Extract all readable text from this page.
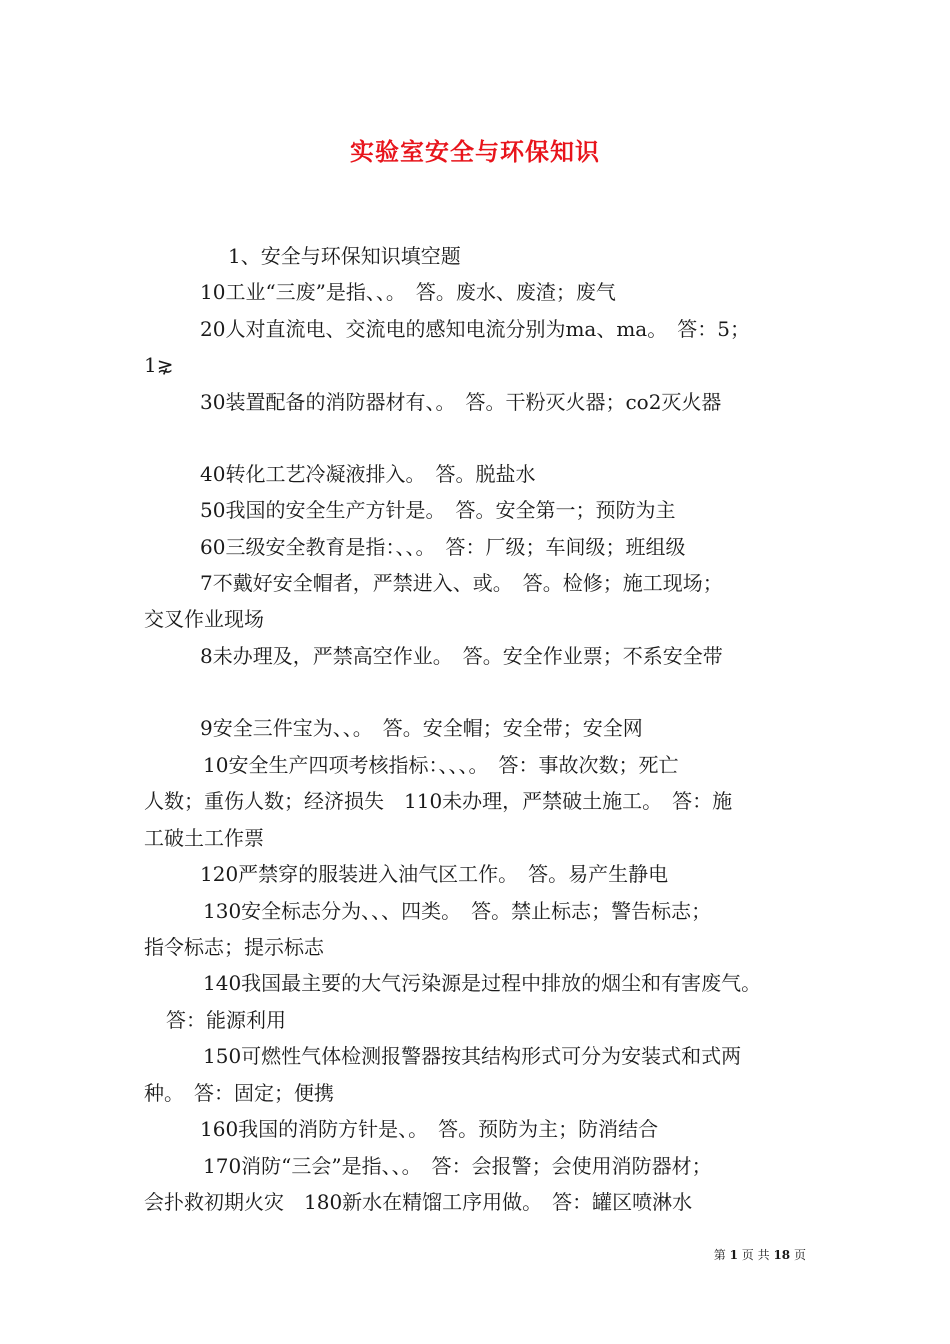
实验室安全与环保知识
1、安全与环保知识填空题
10工业“三废”是指、、。　答。废水、废渣；废气
20人对直流电、交流电的感知电流分别为ma、ma。　答：5；
1⋧
30装置配备的消防器材有、。　答。干粉灭火器；co2灭火器
40转化工艺冷凝液排入。　答。脱盐水
50我国的安全生产方针是。　答。安全第一；预防为主
60三级安全教育是指：、、。　答：厂级；车间级；班组级
7不戴好安全帽者，严禁进入、或。　答。检修；施工现场；
交叉作业现场
8未办理及，严禁高空作业。　答。安全作业票；不系安全带
9安全三件宝为、、。　答。安全帽；安全带；安全网
10安全生产四项考核指标：、、、。　答：事故次数；死亡
人数；重伤人数；经济损失　110未办理，严禁破土施工。　答：施
工破土工作票
120严禁穿的服装进入油气区工作。　答。易产生静电
130安全标志分为、、、四类。　答。禁止标志；警告标志；
指令标志；提示标志
140我国最主要的大气污染源是过程中排放的烟尘和有害废气。
答：能源利用
150可燃性气体检测报警器按其结构形式可分为安装式和式两
种。　答：固定；便携
160我国的消防方针是、。　答。预防为主；防消结合
170消防“三会”是指、、。　答：会报警；会使用消防器材；
会扑救初期火灾　180新水在精馏工序用做。　答：罐区喷淋水
第 1 页 共 18 页
